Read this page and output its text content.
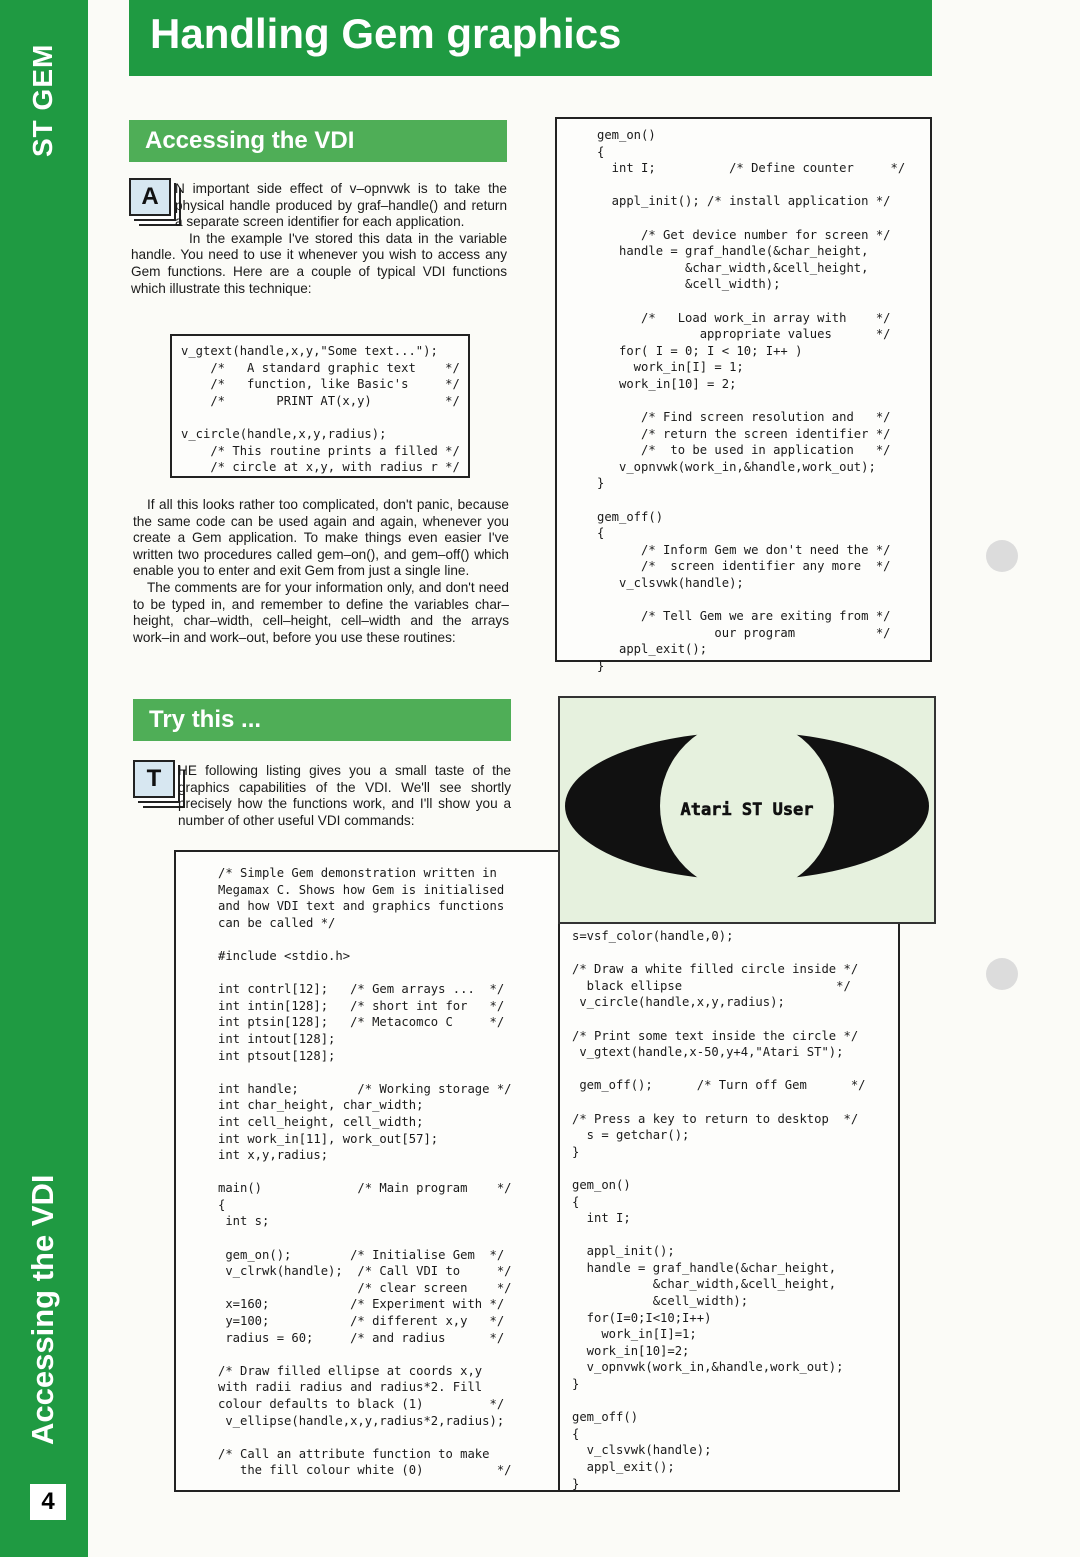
ST GEM
Accessing the VDI
4
Handling Gem graphics
Accessing the VDI
A	N important side effect of v–opnvwk is to take the physical handle produced by graf–handle() and return a separate screen identifier for each application.

In the example I've stored this data in the variable handle. You need to use it whenever you wish to access any Gem functions. Here are a couple of typical VDI functions which illustrate this technique:

v_gtext(handle,x,y,"Some text...");
/*   A standard graphic text    */
/*   function, like Basic's     */
/*       PRINT AT(x,y)          */

v_circle(handle,x,y,radius);
/* This routine prints a filled */
/* circle at x,y, with radius r */

If all this looks rather too complicated, don't panic, because the same code can be used again and again, whenever you create a Gem application. To make things even easier I've written two procedures called gem–on(), and gem–off() which enable you to enter and exit Gem from just a single line.

The comments are for your information only, and don't need to be typed in, and remember to define the variables char–height, char–width, cell–height, cell–width and the arrays work–in and work–out, before you use these routines:

gem_on()
{
int I;          /* Define counter     */

appl_init(); /* install application */

/* Get device number for screen */
handle = graf_handle(&char_height,
&char_width,&cell_height,
&cell_width);

/*   Load work_in array with    */
appropriate values      */
for( I = 0; I < 10; I++ )
work_in[I] = 1;
work_in[10] = 2;

/* Find screen resolution and   */
/* return the screen identifier */
/*  to be used in application   */
v_opnvwk(work_in,&handle,work_out);
}

gem_off()
{
/* Inform Gem we don't need the */
/*  screen identifier any more  */
v_clsvwk(handle);

/* Tell Gem we are exiting from */
our program           */
appl_exit();
}
Try this ...
T	HE following listing gives you a small taste of the graphics capabilities of the VDI. We'll see shortly precisely how the functions work, and I'll show you a number of other useful VDI commands:

s=vsf_color(handle,0);

/* Draw a white filled circle inside */
black ellipse                     */
v_circle(handle,x,y,radius);

/* Print some text inside the circle */
v_gtext(handle,x-50,y+4,"Atari ST");

gem_off();      /* Turn off Gem      */

/* Press a key to return to desktop  */
s = getchar();
}

gem_on()
{
int I;

appl_init();
handle = graf_handle(&char_height,
&char_width,&cell_height,
&cell_width);
for(I=0;I<10;I++)
work_in[I]=1;
work_in[10]=2;
v_opnvwk(work_in,&handle,work_out);
}

gem_off()
{
v_clsvwk(handle);
appl_exit();
}
/* Simple Gem demonstration written in
Megamax C. Shows how Gem is initialised
and how VDI text and graphics functions
can be called */

#include <stdio.h>

int contrl[12];   /* Gem arrays ...  */
int intin[128];   /* short int for   */
int ptsin[128];   /* Metacomco C     */
int intout[128];
int ptsout[128];

int handle;        /* Working storage */
int char_height, char_width;
int cell_height, cell_width;
int work_in[11], work_out[57];
int x,y,radius;

main()             /* Main program    */
{
int s;

gem_on();        /* Initialise Gem  */
v_clrwk(handle);  /* Call VDI to     */
/* clear screen    */
x=160;           /* Experiment with */
y=100;           /* different x,y   */
radius = 60;     /* and radius      */

/* Draw filled ellipse at coords x,y
with radii radius and radius*2. Fill
colour defaults to black (1)         */
v_ellipse(handle,x,y,radius*2,radius);

/* Call an attribute function to make
the fill colour white (0)          */
Atari ST User
